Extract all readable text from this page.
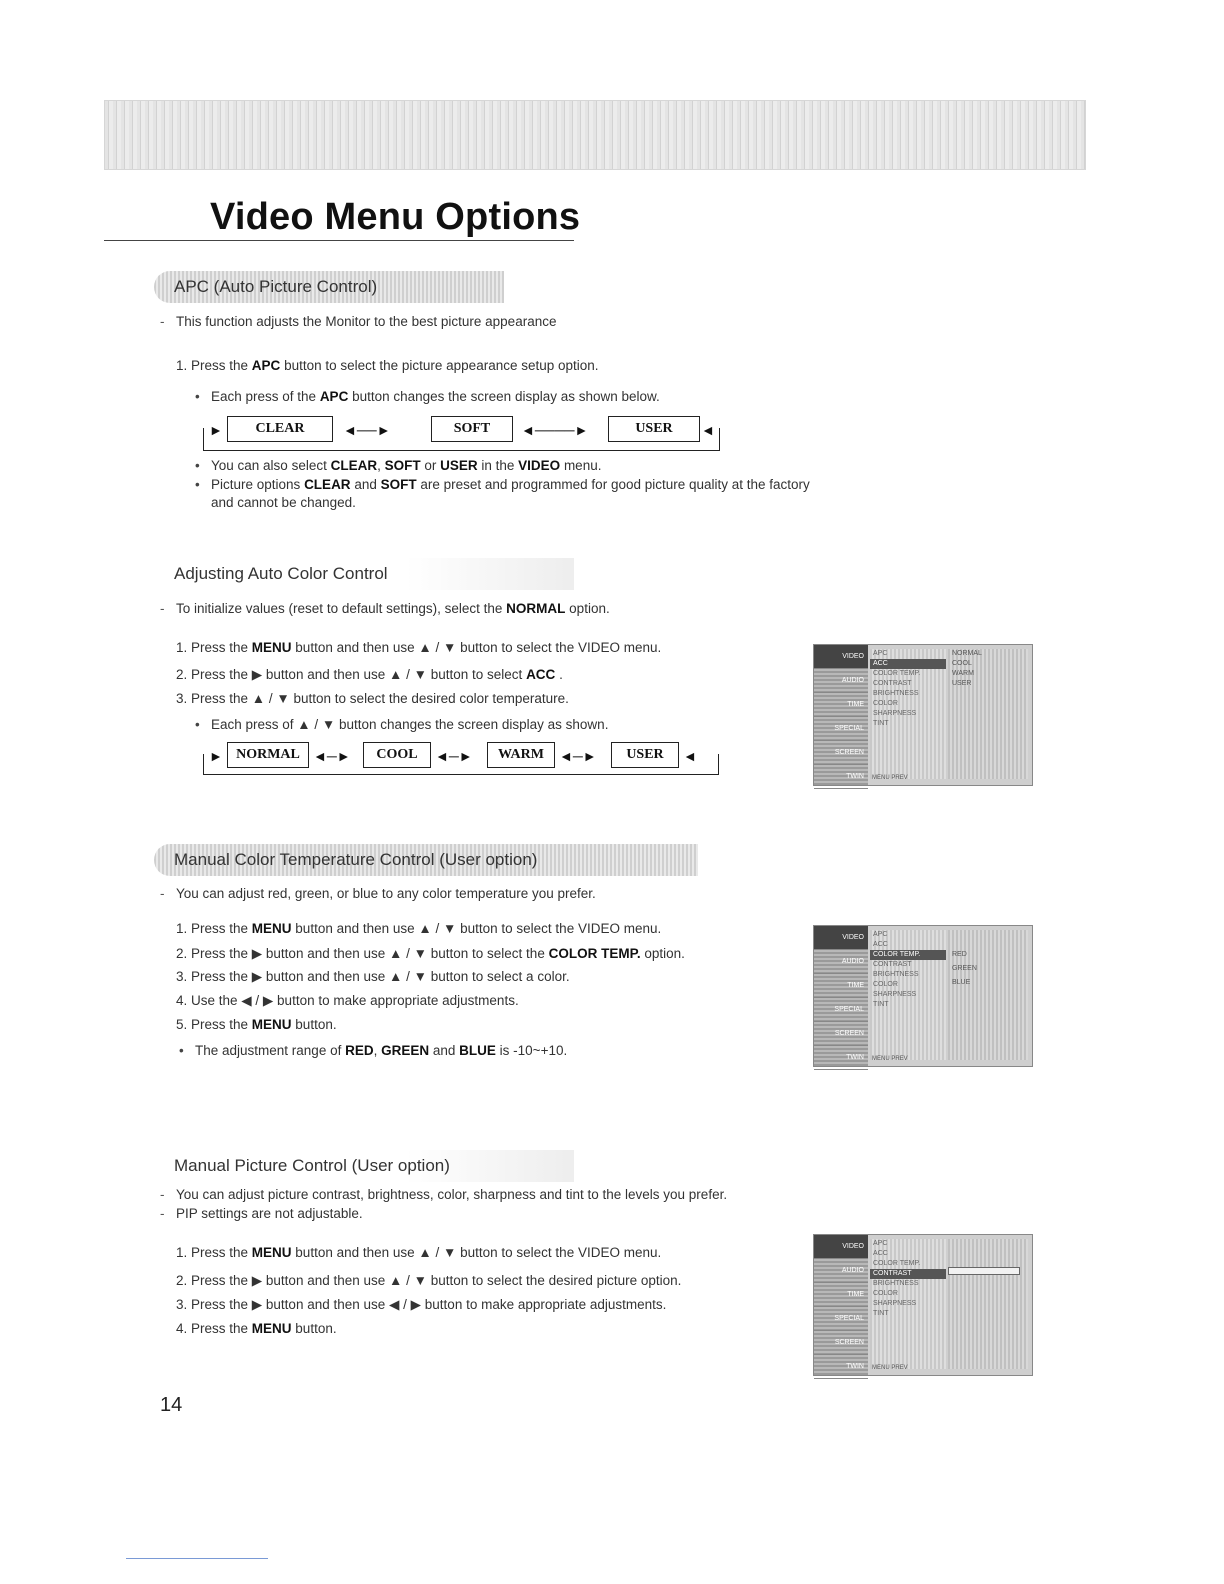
Video Menu Options
APC (Auto Picture Control)
- This function adjusts the Monitor to the best picture appearance
1. Press the APC button to select the picture appearance setup option.
• Each press of the APC button changes the screen display as shown below.
►	CLEAR	◄──►	SOFT	◄────►	USER	◄
• You can also select CLEAR, SOFT or USER in the VIDEO menu.
• Picture options CLEAR and SOFT are preset and programmed for good picture quality at the factory
and cannot be changed.
Adjusting Auto Color Control
- To initialize values (reset to default settings), select the NORMAL option.
1. Press the MENU button and then use ▲ / ▼ button to select the VIDEO menu.
2. Press the ▶ button and then use ▲ / ▼ button to select ACC .
3. Press the ▲ / ▼ button to select the desired color temperature.
• Each press of ▲ / ▼ button changes the screen display as shown.
► NORMAL ◄─►	COOL	◄─►	WARM	◄─►	USER	◄
VIDEO
AUDIO
TIME
SPECIAL
SCREEN
TWIN
APC
ACC
COLOR TEMP.
CONTRAST
BRIGHTNESS
COLOR
SHARPNESS
TINT
NORMAL
COOL
WARM
USER
MENU PREV
Manual Color Temperature Control (User option)
- You can adjust red, green, or blue to any color temperature you prefer.
1. Press the MENU button and then use ▲ / ▼ button to select the VIDEO menu.
2. Press the ▶ button and then use ▲ / ▼ button to select the COLOR TEMP. option.
3. Press the ▶ button and then use ▲ / ▼ button to select a color.
4. Use the ◀ / ▶ button to make appropriate adjustments.
5. Press the MENU button.
• The adjustment range of RED, GREEN and BLUE is -10~+10.
VIDEO
AUDIO
TIME
SPECIAL
SCREEN
TWIN
APC
ACC
COLOR TEMP.
CONTRAST
BRIGHTNESS
COLOR
SHARPNESS
TINT
RED
GREEN
BLUE
MENU PREV
Manual Picture Control (User option)
- You can adjust picture contrast, brightness, color, sharpness and tint to the levels you prefer.
- PIP settings are not adjustable.
1. Press the MENU button and then use ▲ / ▼ button to select the VIDEO menu.
2. Press the ▶ button and then use ▲ / ▼ button to select the desired picture option.
3. Press the ▶ button and then use ◀ / ▶ button to make appropriate adjustments.
4. Press the MENU button.
VIDEO
AUDIO
TIME
SPECIAL
SCREEN
TWIN
APC
ACC
COLOR TEMP.
CONTRAST
BRIGHTNESS
COLOR
SHARPNESS
TINT
MENU PREV
14
